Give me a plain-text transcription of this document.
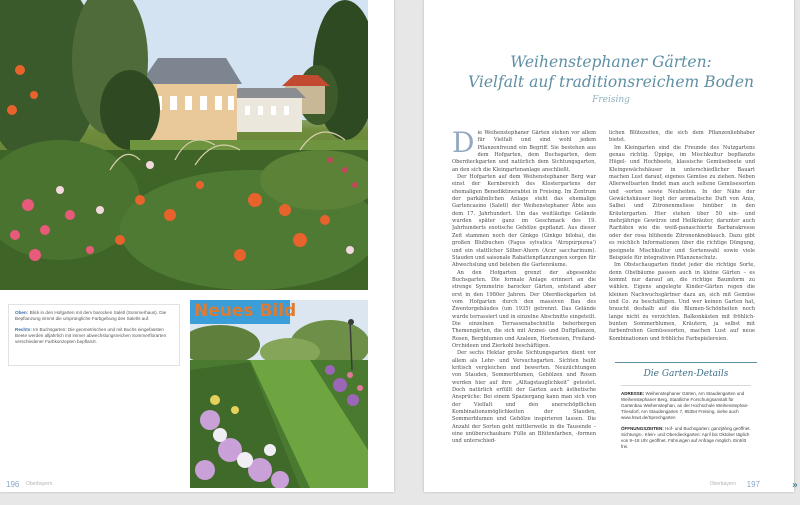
Oben: Blick in den Hofgarten mit dem barocken Saletl (Sommerhaus). Die Bepflanzung nimmt die ursprüngliche Farbgebung des Saletls auf.

Rechts: Im Buchsgarten: Die geometrischen und mit Buchs eingefassten Beete werden alljährlich mit immer abwechslungsreichen Sommerflorarten verschiedener Farbkonzepten bepflanzt.

Neues Bild
196 Oberbayern	197
Oberbayern
Weihenstephaner Gärten:
Vielfalt auf traditionsreichem Boden
Freising

Die Weihenstephaner Gärten stehen vor allem für Vielfalt und sind wohl jedem Pflanzenfreund ein Begriff. Sie bestehen aus dem Hofgarten, dem Buchsgarten, dem Oberdieckgarten und natürlich dem Sichtungsgarten, an den sich die Kleingartenanlage anschließt.

Der Hofgarten auf dem Weihenstephaner Berg war einst der Kernbereich des Klostergartens der ehemaligen Benediktinerabtei in Freising. Im Zentrum der parkähnlichen Anlage steht das ehemalige Gartencasino (Saletl) der Weihenstephaner Äbte aus dem 17. Jahrhundert. Um das weitläufige Gelände wurden später ganz im Geschmack des 19. Jahrhunderts exotische Gehölze gepflanzt. Aus dieser Zeit stammen noch der Ginkgo (Ginkgo biloba), die großen Blutbuchen (Fagus sylvatica 'Atropurpurea') und ein stattlicher Silber-Ahorn (Acer saccharinum). Stauden und saisonale Rabattenpflanzungen sorgen für Abwechslung und beleben die Gartenräume.

An den Hofgarten grenzt der abgesenkte Buchsgarten. Die formale Anlage erinnert an die strenge Symmetrie barocker Gärten, entstand aber erst in den 1980er Jahren. Der Oberdieckgarten ist vom Hofgarten durch den massiven Bau des Zwentorgebäudes (um 1935) getrennt. Das Gelände wurde terrassiert und in einzelne Abschnitte eingeteilt. Die einzelnen Terrassenabschnitte beherbergen Themengärten, die sich mit Arznei- und Duftpflanzen, Rosen, Bergblumen und Azaleen, Hortensien, Freiland-Orchideen und Zierkohl beschäftigen.

Der sechs Hektar große Sichtungsgarten dient vor allem als Lehr- und Versuchsgarten. Sichten heißt kritisch vergleichen und bewerten. Neuzüchtungen von Stauden, Sommerblumen, Gehölzen und Rosen werden hier auf ihre „Alltagstauglichkeit“ getestet. Doch natürlich erfüllt der Garten auch ästhetische Ansprüche: Bei einem Spaziergang kann man sich von der Vielfalt und den unerschöpflichen Kombinationsmöglichkeiten der Stauden, Sommerblumen und Gehölze inspirieren lassen. Die Anzahl der Sorten geht mittlerweile in die Tausende – eine unüberschaubare Fülle an Blütenfarben, -formen und unterschied-

lichen Blütezeiten, die sich dem Pflanzenliebhaber bietet.

Im Kleingarten sind die Freunde des Nutzgartens genau richtig. Üppige, im Mischkultur bepflanzte Hügel- und Hochbeete, klassische Gemüsebeete und Kleingewächshäuser in unterschiedlicher Bauart machen Lust darauf, eigenes Gemüse zu ziehen. Neben Allerweltsarten findet man auch seltene Gemüsesorten und -sorten sowie Neuheiten. In der Nähe der Gewächshäuser liegt der aromatische Duft von Anis, Salbei und Zitronenmelisse hinüber in den Kräutergarten. Hier stehen über 50 ein- und mehrjährige Gewürze und Heilkräuter, darunter auch Raritäten wie die weiß-panaschierte Barbarakresse oder der rosa blühende Zitronenknoblauch. Dazu gibt es reichlich Informationen über die richtige Düngung, geeignete Mischkultur und Sortenwahl sowie viele Beispiele für integrativen Pflanzenschutz.

Im Obstschaugarten findet jeder die richtige Sorte, denn Obstbäume passen auch in kleine Gärten – es kommt nur darauf an, die richtige Baumform zu wählen. Eigens angelegte Kinder-Gärten regen die kleinen Nachwuchsgärtner dazu an, sich mit Gemüse und Co. zu beschäftigen. Und wer keinen Garten hat, braucht deshalb auf die Blumen-Schönheiten noch lange nicht zu verzichten. Balkonkästen mit fröhlich-bunten Sommerblumen, Kräutern, ja selbst mit farbenfrohen Gemüsesorten, machen Lust auf neue Kombinationen und fröhliche Farbspielereien.

Die Garten-Details

ADRESSE: Weihenstephaner Gärten, Am Staudengarten und Weihenstephaner Berg, Staatliche Forschungsanstalt für Gartenbau Weihenstephan, an der Hochschule Weihenstephan-Triesdorf, Am Staudengarten 7, 85354 Freising, siehe auch www.hswt.de/Sprechgarten

ÖFFNUNGSZEITEN: Hof- und Buchsgarten: ganzjährig geöffnet. Sichtungs-, Klein- und Oberdieckgarten: April bis Oktober täglich von 9–18 Uhr geöffnet. Führungen auf Anfrage möglich. Eintritt frei.

»
